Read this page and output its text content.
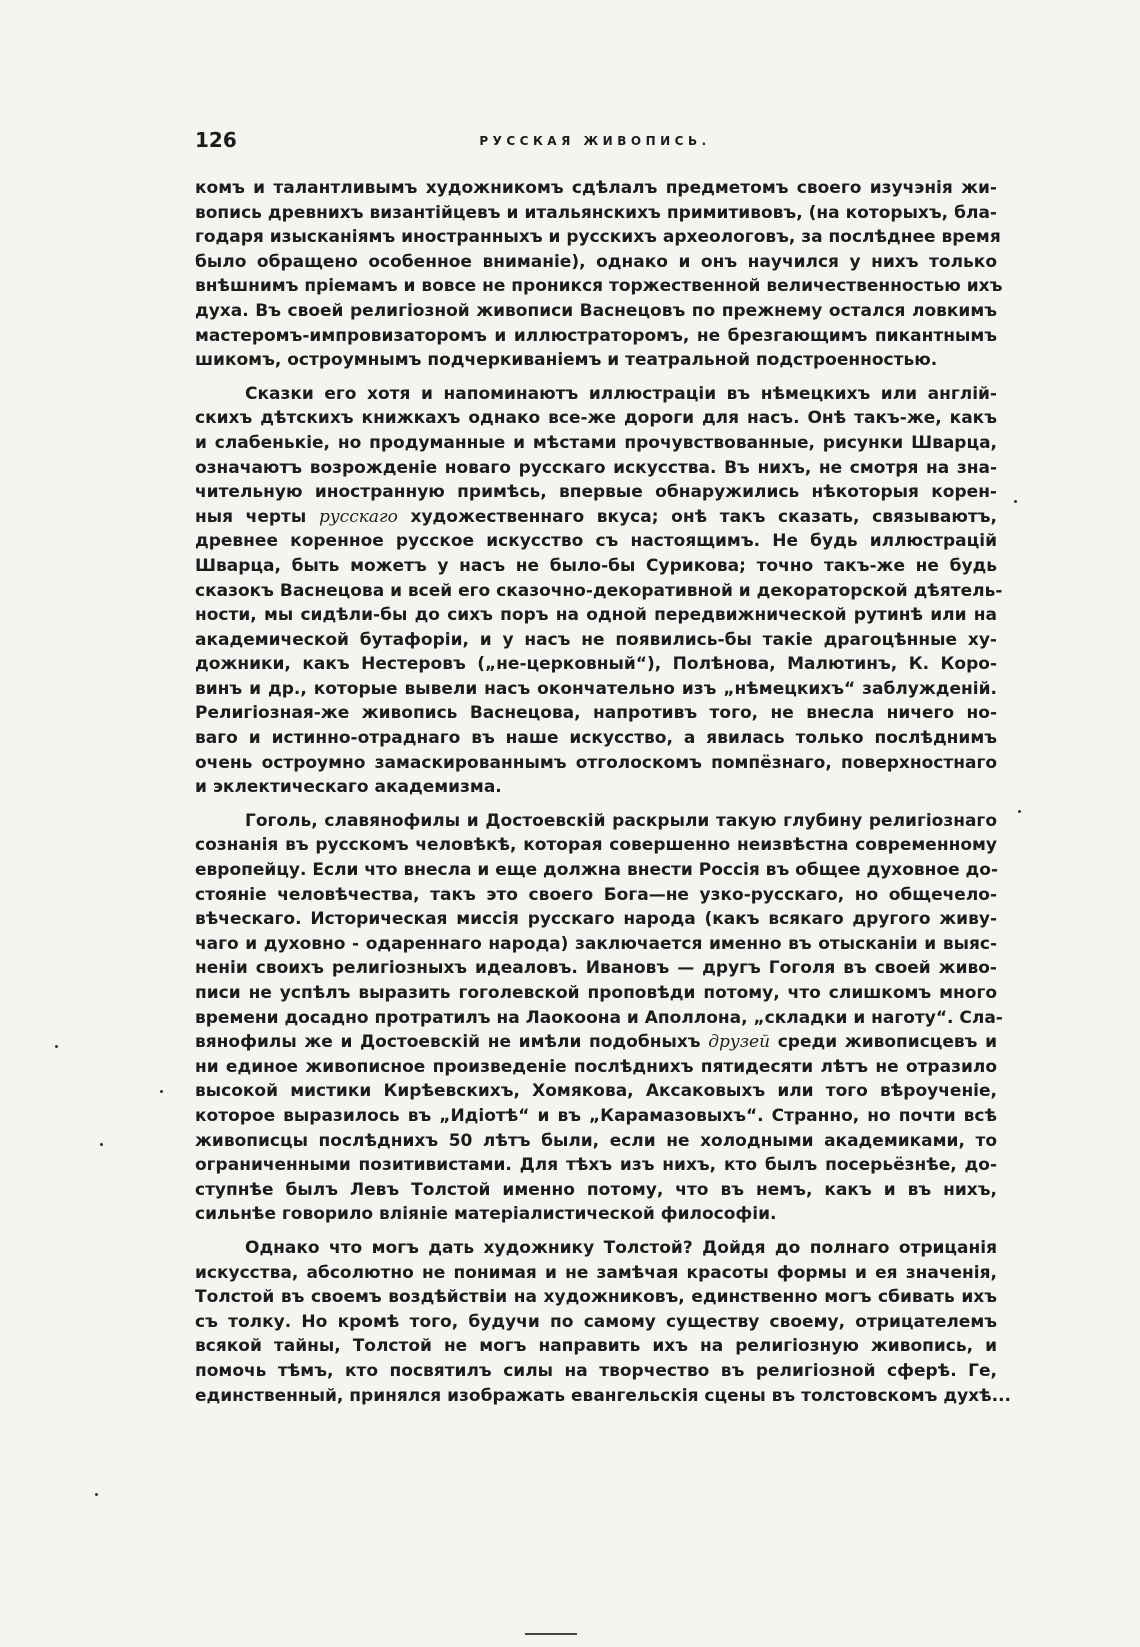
126	РУССКАЯ ЖИВОПИСЬ.

комъ и талантливымъ художникомъ сдѣлалъ предметомъ своего изучэнія жи-
вопись древнихъ византійцевъ и итальянскихъ примитивовъ, (на которыхъ, бла-
годаря изысканіямъ иностранныхъ и русскихъ археологовъ, за послѣднее время
было обращено особенное вниманіе), однако и онъ научился у нихъ только
внѣшнимъ пріемамъ и вовсе не проникся торжественной величественностью ихъ
духа. Въ своей религіозной живописи Васнецовъ по прежнему остался ловкимъ
мастеромъ-импровизаторомъ и иллюстраторомъ, не брезгающимъ пикантнымъ
шикомъ, остроумнымъ подчеркиваніемъ и театральной подстроенностью.

Сказки его хотя и напоминаютъ иллюстраціи въ нѣмецкихъ или англій-
скихъ дѣтскихъ книжкахъ однако все-же дороги для насъ. Онѣ такъ-же, какъ
и слабенькіе, но продуманные и мѣстами прочувствованные, рисунки Шварца,
означаютъ возрожденіе новаго русскаго искусства. Въ нихъ, не смотря на зна-
чительную иностранную примѣсь, впервые обнаружились нѣкоторыя корен-
ныя черты русскаго художественнаго вкуса; онѣ такъ сказать, связываютъ,
древнее коренное русское искусство съ настоящимъ. Не будь иллюстрацій
Шварца, быть можетъ у насъ не было-бы Сурикова; точно такъ-же не будь
сказокъ Васнецова и всей его сказочно-декоративной и декораторской дѣятель-
ности, мы сидѣли-бы до сихъ поръ на одной передвижнической рутинѣ или на
академической бутафоріи, и у насъ не появились-бы такіе драгоцѣнные ху-
дожники, какъ Нестеровъ („не-церковный“), Полѣнова, Малютинъ, К. Коро-
винъ и др., которые вывели насъ окончательно изъ „нѣмецкихъ“ заблужденій.
Религіозная-же живопись Васнецова, напротивъ того, не внесла ничего но-
ваго и истинно-отраднаго въ наше искусство, а явилась только послѣднимъ
очень остроумно замаскированнымъ отголоскомъ помпёзнаго, поверхностнаго
и эклектическаго академизма.

Гоголь, славянофилы и Достоевскій раскрыли такую глубину религіознаго
сознанія въ русскомъ человѣкѣ, которая совершенно неизвѣстна современному
европейцу. Если что внесла и еще должна внести Россія въ общее духовное до-
стояніе человѣчества, такъ это своего Бога—не узко-русскаго, но общечело-
вѣческаго. Историческая миссія русскаго народа (какъ всякаго другого живу-
чаго и духовно - одареннаго народа) заключается именно въ отысканіи и выяс-
неніи своихъ религіозныхъ идеаловъ. Ивановъ — другъ Гоголя въ своей живо-
писи не успѣлъ выразить гоголевской проповѣди потому, что слишкомъ много
времени досадно протратилъ на Лаокоона и Аполлона, „складки и наготу“. Сла-
вянофилы же и Достоевскій не имѣли подобныхъ друзей среди живописцевъ и
ни единое живописное произведеніе послѣднихъ пятидесяти лѣтъ не отразило
высокой мистики Кирѣевскихъ, Хомякова, Аксаковыхъ или того вѣроученіе,
которое выразилось въ „Идіотѣ“ и въ „Карамазовыхъ“. Странно, но почти всѣ
живописцы послѣднихъ 50 лѣтъ были, если не холодными академиками, то
ограниченными позитивистами. Для тѣхъ изъ нихъ, кто былъ посерьёзнѣе, до-
ступнѣе былъ Левъ Толстой именно потому, что въ немъ, какъ и въ нихъ,
сильнѣе говорило вліяніе матеріалистической философіи.

Однако что могъ дать художнику Толстой? Дойдя до полнаго отрицанія
искусства, абсолютно не понимая и не замѣчая красоты формы и ея значенія,
Толстой въ своемъ воздѣйствіи на художниковъ, единственно могъ сбивать ихъ
съ толку. Но кромѣ того, будучи по самому существу своему, отрицателемъ
всякой тайны, Толстой не могъ направить ихъ на религіозную живопись, и
помочь тѣмъ, кто посвятилъ силы на творчество въ религіозной сферѣ. Ге,
единственный, принялся изображать евангельскія сцены въ толстовскомъ духѣ...
